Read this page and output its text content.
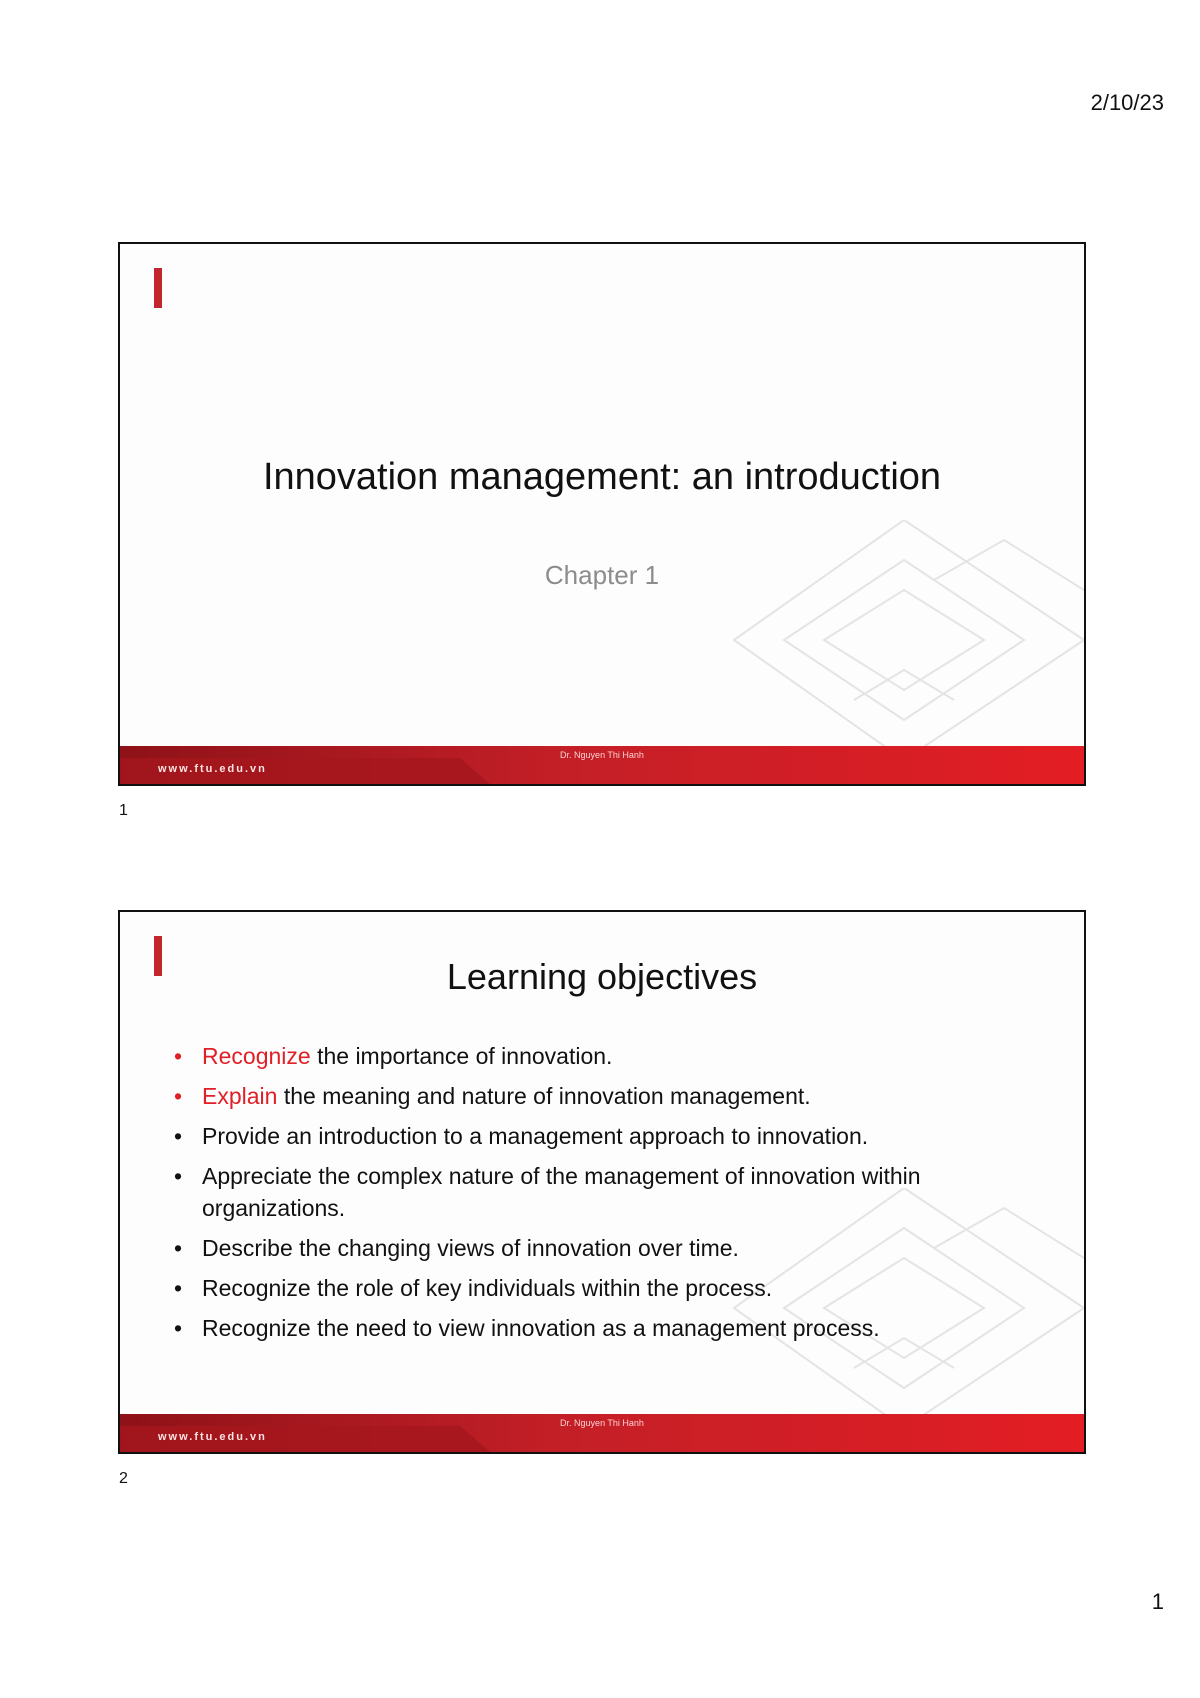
2/10/23
Innovation management: an introduction
Chapter 1
www.ftu.edu.vn
Dr. Nguyen Thi Hanh
1
Learning objectives
• Recognize the importance of innovation.
• Explain the meaning and nature of innovation management.
• Provide an introduction to a management approach to innovation.
• Appreciate the complex nature of the management of innovation within organizations.
• Describe the changing views of innovation over time.
• Recognize the role of key individuals within the process.
• Recognize the need to view innovation as a management process.
www.ftu.edu.vn
Dr. Nguyen Thi Hanh
2
1
